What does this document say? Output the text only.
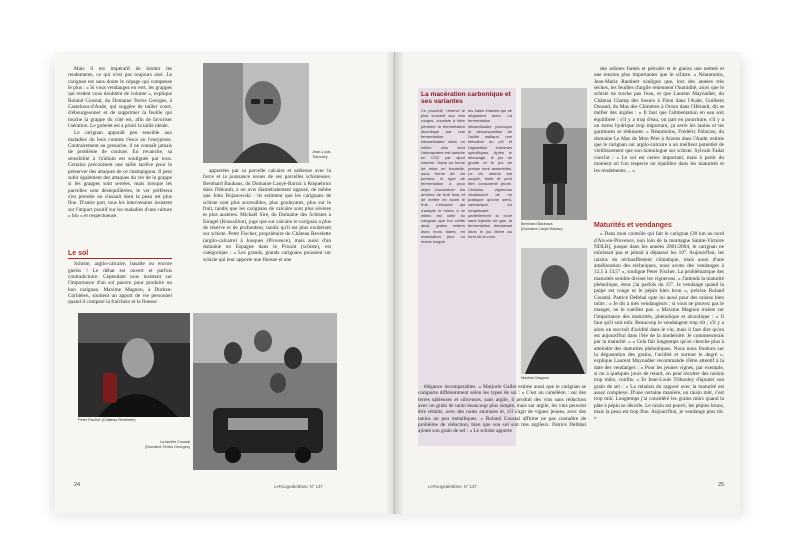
Mais il est impératif de limiter les rendements, ce qui n'est pas toujours aisé. Le carignan est sans doute le cépage qui compense le plus : « Si vous vendangez en vert, les grappes qui restent vous doublent de volume », explique Roland Coustal, du Domaine Terres Georges, à Castelnou-d'Aude, qui suggère de tailler court, d'ébourgeonner et de supprimer la feuille qui touche la grappe du côté est, afin de favoriser l'aération. Le gobelet est a priori la taille idéale.

Le carignan apparaît peu sensible aux maladies du bois comme l'esca ou l'eutypiose. Contrairement au grenache, il ne connaît jamais de problème de coulure. En revanche, sa sensibilité à l'oïdium est soulignée par tous. Certains préconisent une taille tardive pour le préserver des attaques de ce champignon. Il peut subir également des attaques du ver de la grappe si les grappes sont serrées, mais lorsque les parcelles sont déséquilibrées, le ver préférera s'en prendre au cinsault dont la peau est plus fine. D'autre part, tous les intervenants insistent sur l'impact positif sur les maladies d'une culture « bio » et respectueuse.

Le sol

Schiste, argilo-calcaire, basalte ou encore gneiss ! Le débat est ouvert et parfois contradictoire. Cependant tous insistent sur l'importance d'un sol pauvre pour produire un bon carignan. Maxime Magnon, à Durban-Corbières, soutient un apport de vie personnel quand il compare la fraîcheur et la finesse

Jean-Louis Tribouley

apportées par sa parcelle calcaire et sableuse avec la force et la puissance issues de ses parcelles schisteuses. Bernhard Bauhaus, du Domaine Lanye-Barrac à Roquebrun dans l'Hérault, a un avis diamétralement opposé, de même que John Bojanowski : ils estiment que les carignans de schiste sont plus accessibles, plus gouleyants, plus sur le fruit, tandis que les carignans de calcaire sont plus sévères et plus austères. Mickaël Sire, du Domaine des Schistes à Estagel (Roussillon), juge que sur calcaire le carignan a plus de réserve et de profondeur, tandis qu'il est plus exubérant sur schiste. Peter Fischer, propriétaire du Château Revelette (argilo-calcaire) à Jouques (Provence), mais aussi d'un domaine en Espagne dans le Priorat (schiste), est catégorique : « Les grands, grands carignans poussent sur schiste qui leur apporte une finesse et une

Peter Fischer (Château Revelette)
La famille Coustal
(Domaine Terres Georges)
24	LeRouge&leBlanc N° 137
La macération carbonique et ses variantes
Ce procédé, réservé le plus souvent aux vins rouges, consiste à faire pénétrer la fermentation alcoolique par une fermentation intracellulaire dans un milieu clos dont l'atmosphère est saturée en CO2 par ajout externe. Dans sa forme de mise en bouteille, sous forme de vin primeur, le type de fermentation a pour objet d'accentuer les arômes de fruit frais et de mettre en avant le fruit. L'enzyme qui s'adapte le mieux à ce milieu est celle du carignan que l'on vinifie ainsi, grains entiers avec leurs baies, en macération plus ou moins longue.
les baies intactes qui se dégradent alors. La fermentation intracellulaire provoque la décomposition de l'acide malique, une élévation du pH et l'apparition d'arômes spécifiques. Après le décuvage, le jus de goutte et le jus de presse sont assemblés. Le vin obtenu est souple, fruité et peut être consommé jeune. Certains vignerons choisissent de ne pratiquer qu'une semi-carbonique, en remplissant partiellement la cuve sans injecter de gaz, la fermentation démarrant dans le jus libéré au fond de la cuve.
Bernhard Bauhaus
(Domaine Lanye-Barrac)
Maxime Magnon

élégance incomparables. » Marjorie Gallet estime aussi que le carignan se comporte différemment selon les types de sol : « C'est un caméléon : sur des terres sableuses et siliceuses, sans argile, il produit des vins sans réduction avec un grain de tanin beaucoup plus simple, mais sur argile, les vins peuvent être réduits, avec des notes animales et, s'il s'agit de vignes jeunes, avec des tanins un peu métalliques. » Roland Coustal affirme ne pas connaître de problème de réduction, bien que son sol soit très argileux. Patrice Delbhal ajoute son grain de sel : « Le schiste apporte

des arômes fumés et pétrolés et le gneiss une netteté et une tension plus importantes que le schiste. » Néanmoins, Jean-Marie Rambert souligne que, lors des années très sèches, les feuilles d'argile retiennent l'humidité, alors que le schiste ne stocke pas l'eau, et que Laurent Maynadier, du Château Champ des Soeurs à Fitou dans l'Aude, Guilhem Durand, du Mas des Chimères à Octon dans l'Hérault, dit se méfier des argiles : « Il faut que l'alimentation en eau soit équilibrée : s'il y a trop d'eau, on part en pourriture, s'il y a un stress hydrique trop important, ça serre les tanins et les garnitures se réduisent. » Néanmoins, Frédéric Palacios, du domaine Le Mas de Mon Père à Arzens dans l'Aude, estime que le carignan sur argilo-calcaire a un meilleur potentiel de vieillissement que son homologue sur schiste. Sylvain Fadat conclut : « Le sol est certes important, mais à partir du moment où l'on respecte un équilibre dans les maturités et les rendements… »

Maturités et vendanges

« Dans mon contrôle qui fait le carignan (30 km au nord d'Aix-en-Provence, non loin de la montagne Sainte-Victoire NDLR), jusque dans les années 2001/2004, le carignan ne mûrissait pas et pénait à dépasser les 10°. Aujourd'hui, les raisins du réchauffement climatique, mais aussi d'une amélioration des techniques, nous avons des vendanges à 12,5 à 13,5° », souligne Peter Fischer. La problématique des maturités semble diviser les vignerons. « J'attends la maturité phénolique, donc j'ai parfois du 15°. Je vendange quand la pulpe est rouge et le pépin bien brun », précise Roland Coustal. Patrice Delbhal opte lui aussi pour des raisins bien mûrs : « Je dis à mes vendangeurs : si vous ne pouvez pas le manger, ne le cueillez pas. » Maxime Magnon insiste sur l'importance des maturités, phénolique et alcoolique : « Il faut qu'il soit mûr. Beaucoup le vendangent trop tôt ; s'il y a alors un surcroît d'acidité dans le vin, mais il faut dire qu'on est aujourd'hui dans l'ère de la modernité. Je commencerais par la maturité. » « Cela fait longtemps qu'on cherche plus à atteindre des maturités phénoliques. Nous nous fondons sur la dégustation des grains, l'acidité et surtout le degré », explique Laurent Maynadier recommande d'être attentif à la date des vendanges : « Pour les jeunes vignes, par exemple, si on a quelques jours de retard, on peut récolter des raisins trop mûrs, confits. » Et Jean-Louis Tribouley d'ajouter son grain de sel : « La relation du rapport avec la maturité est assez complexe. D'une certaine manière, un raisin mûr, c'est trop mûr. Longtemps j'ai considéré les grains mûrs quand la pâte à pépin se décolle. Le raisin est pourri, les pépins bruns, mais la peau est trop fine. Aujourd'hui, je vendange plus tôt. »

LeRouge&leBlanc N° 137	25
